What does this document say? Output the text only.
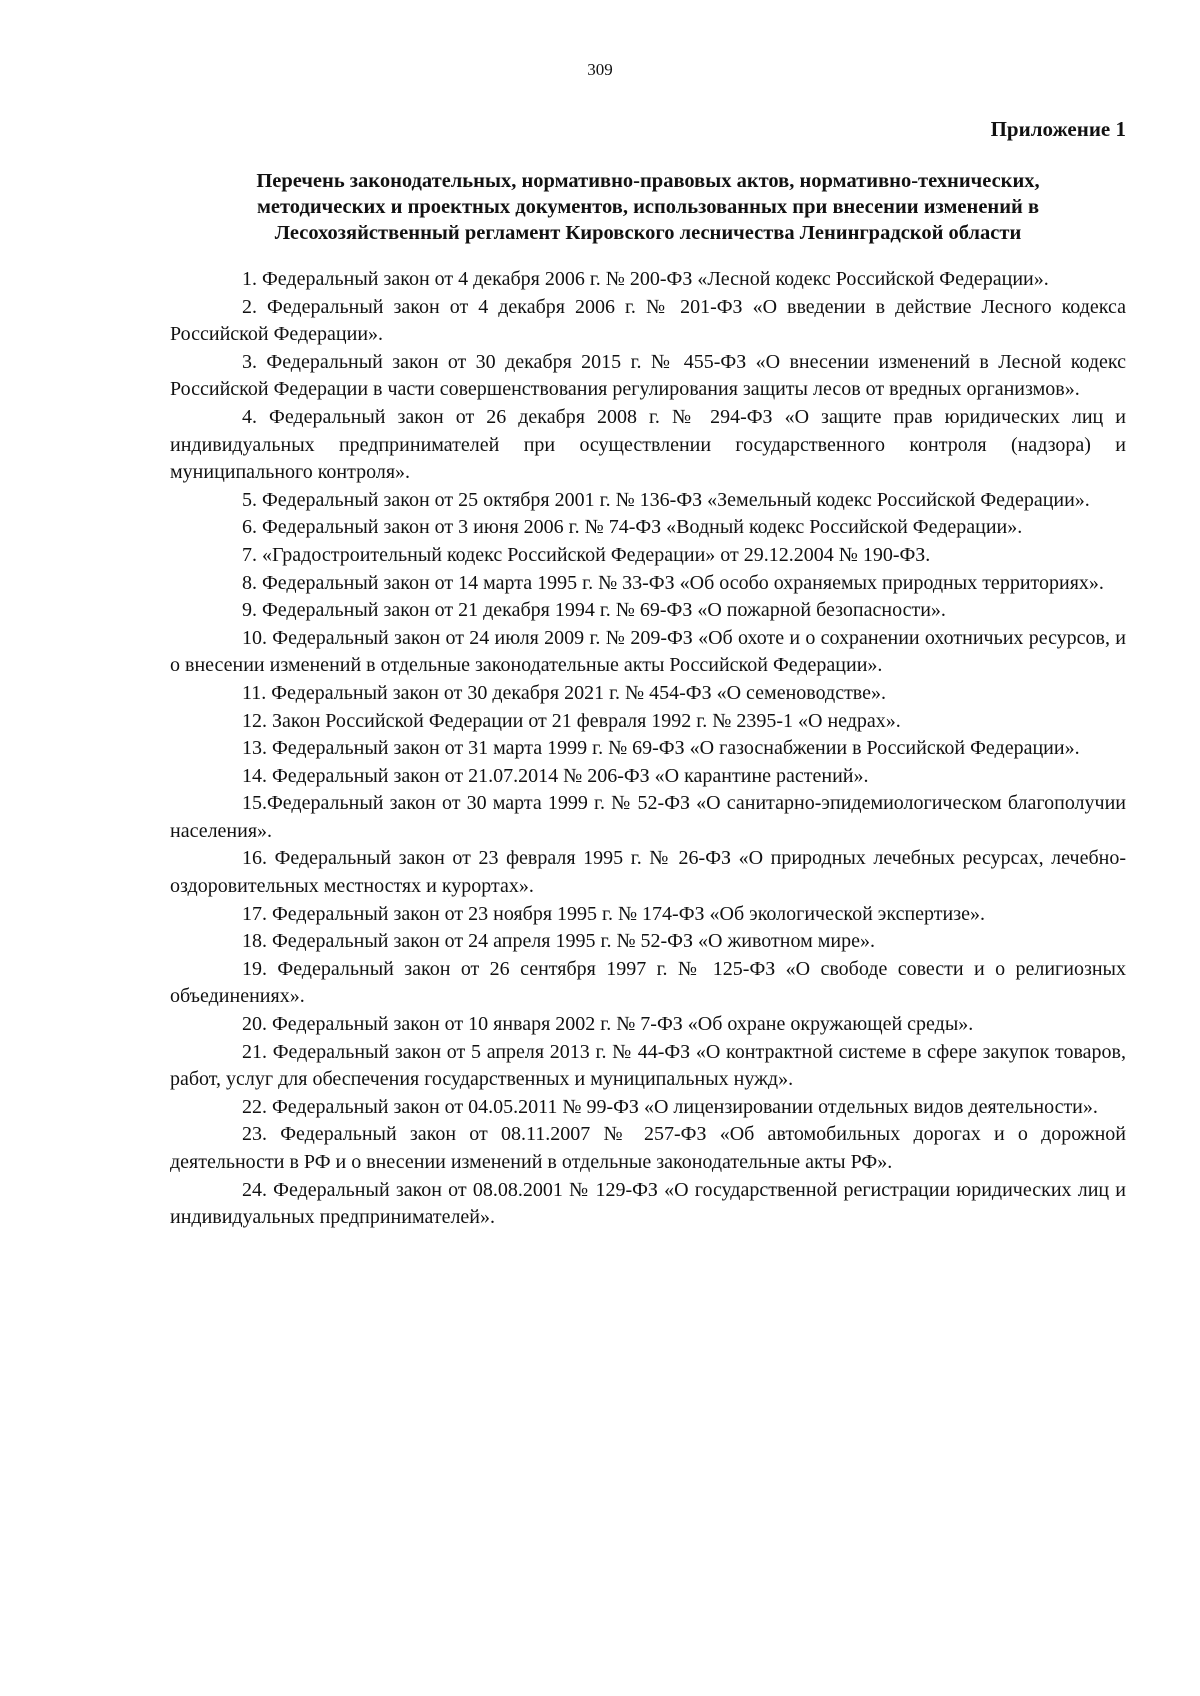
309
Приложение 1
Перечень законодательных, нормативно-правовых актов, нормативно-технических,
методических и проектных документов, использованных при внесении изменений в
Лесохозяйственный регламент Кировского лесничества Ленинградской области
1. Федеральный закон от 4 декабря 2006 г. № 200-ФЗ «Лесной кодекс Российской Федерации».
2. Федеральный закон от 4 декабря 2006 г. № 201-ФЗ «О введении в действие Лесного кодекса Российской Федерации».
3. Федеральный закон от 30 декабря 2015 г. № 455-ФЗ «О внесении изменений в Лесной кодекс Российской Федерации в части совершенствования регулирования защиты лесов от вредных организмов».
4. Федеральный закон от 26 декабря 2008 г. № 294-ФЗ «О защите прав юридических лиц и индивидуальных предпринимателей при осуществлении государственного контроля (надзора) и муниципального контроля».
5. Федеральный закон от 25 октября 2001 г. № 136-ФЗ «Земельный кодекс Российской Федерации».
6. Федеральный закон от 3 июня 2006 г. № 74-ФЗ «Водный кодекс Российской Федерации».
7. «Градостроительный кодекс Российской Федерации» от 29.12.2004 № 190-ФЗ.
8. Федеральный закон от 14 марта 1995 г. № 33-ФЗ «Об особо охраняемых природных территориях».
9. Федеральный закон от 21 декабря 1994 г. № 69-ФЗ «О пожарной безопасности».
10. Федеральный закон от 24 июля 2009 г. № 209-ФЗ «Об охоте и о сохранении охотничьих ресурсов, и о внесении изменений в отдельные законодательные акты Российской Федерации».
11. Федеральный закон от 30 декабря 2021 г. № 454-ФЗ «О семеноводстве».
12. Закон Российской Федерации от 21 февраля 1992 г. № 2395-1 «О недрах».
13. Федеральный закон от 31 марта 1999 г. № 69-ФЗ «О газоснабжении в Российской Федерации».
14. Федеральный закон от 21.07.2014 № 206-ФЗ «О карантине растений».
15.Федеральный закон от 30 марта 1999 г. № 52-ФЗ «О санитарно-эпидемиологическом благополучии населения».
16. Федеральный закон от 23 февраля 1995 г. № 26-ФЗ «О природных лечебных ресурсах, лечебно-оздоровительных местностях и курортах».
17. Федеральный закон от 23 ноября 1995 г. № 174-ФЗ «Об экологической экспертизе».
18. Федеральный закон от 24 апреля 1995 г. № 52-ФЗ «О животном мире».
19. Федеральный закон от 26 сентября 1997 г. № 125-ФЗ «О свободе совести и о религиозных объединениях».
20. Федеральный закон от 10 января 2002 г. № 7-ФЗ «Об охране окружающей среды».
21. Федеральный закон от 5 апреля 2013 г. № 44-ФЗ «О контрактной системе в сфере закупок товаров, работ, услуг для обеспечения государственных и муниципальных нужд».
22. Федеральный закон от 04.05.2011 № 99-ФЗ «О лицензировании отдельных видов деятельности».
23. Федеральный закон от 08.11.2007 № 257-ФЗ «Об автомобильных дорогах и о дорожной деятельности в РФ и о внесении изменений в отдельные законодательные акты РФ».
24. Федеральный закон от 08.08.2001 № 129-ФЗ «О государственной регистрации юридических лиц и индивидуальных предпринимателей».
